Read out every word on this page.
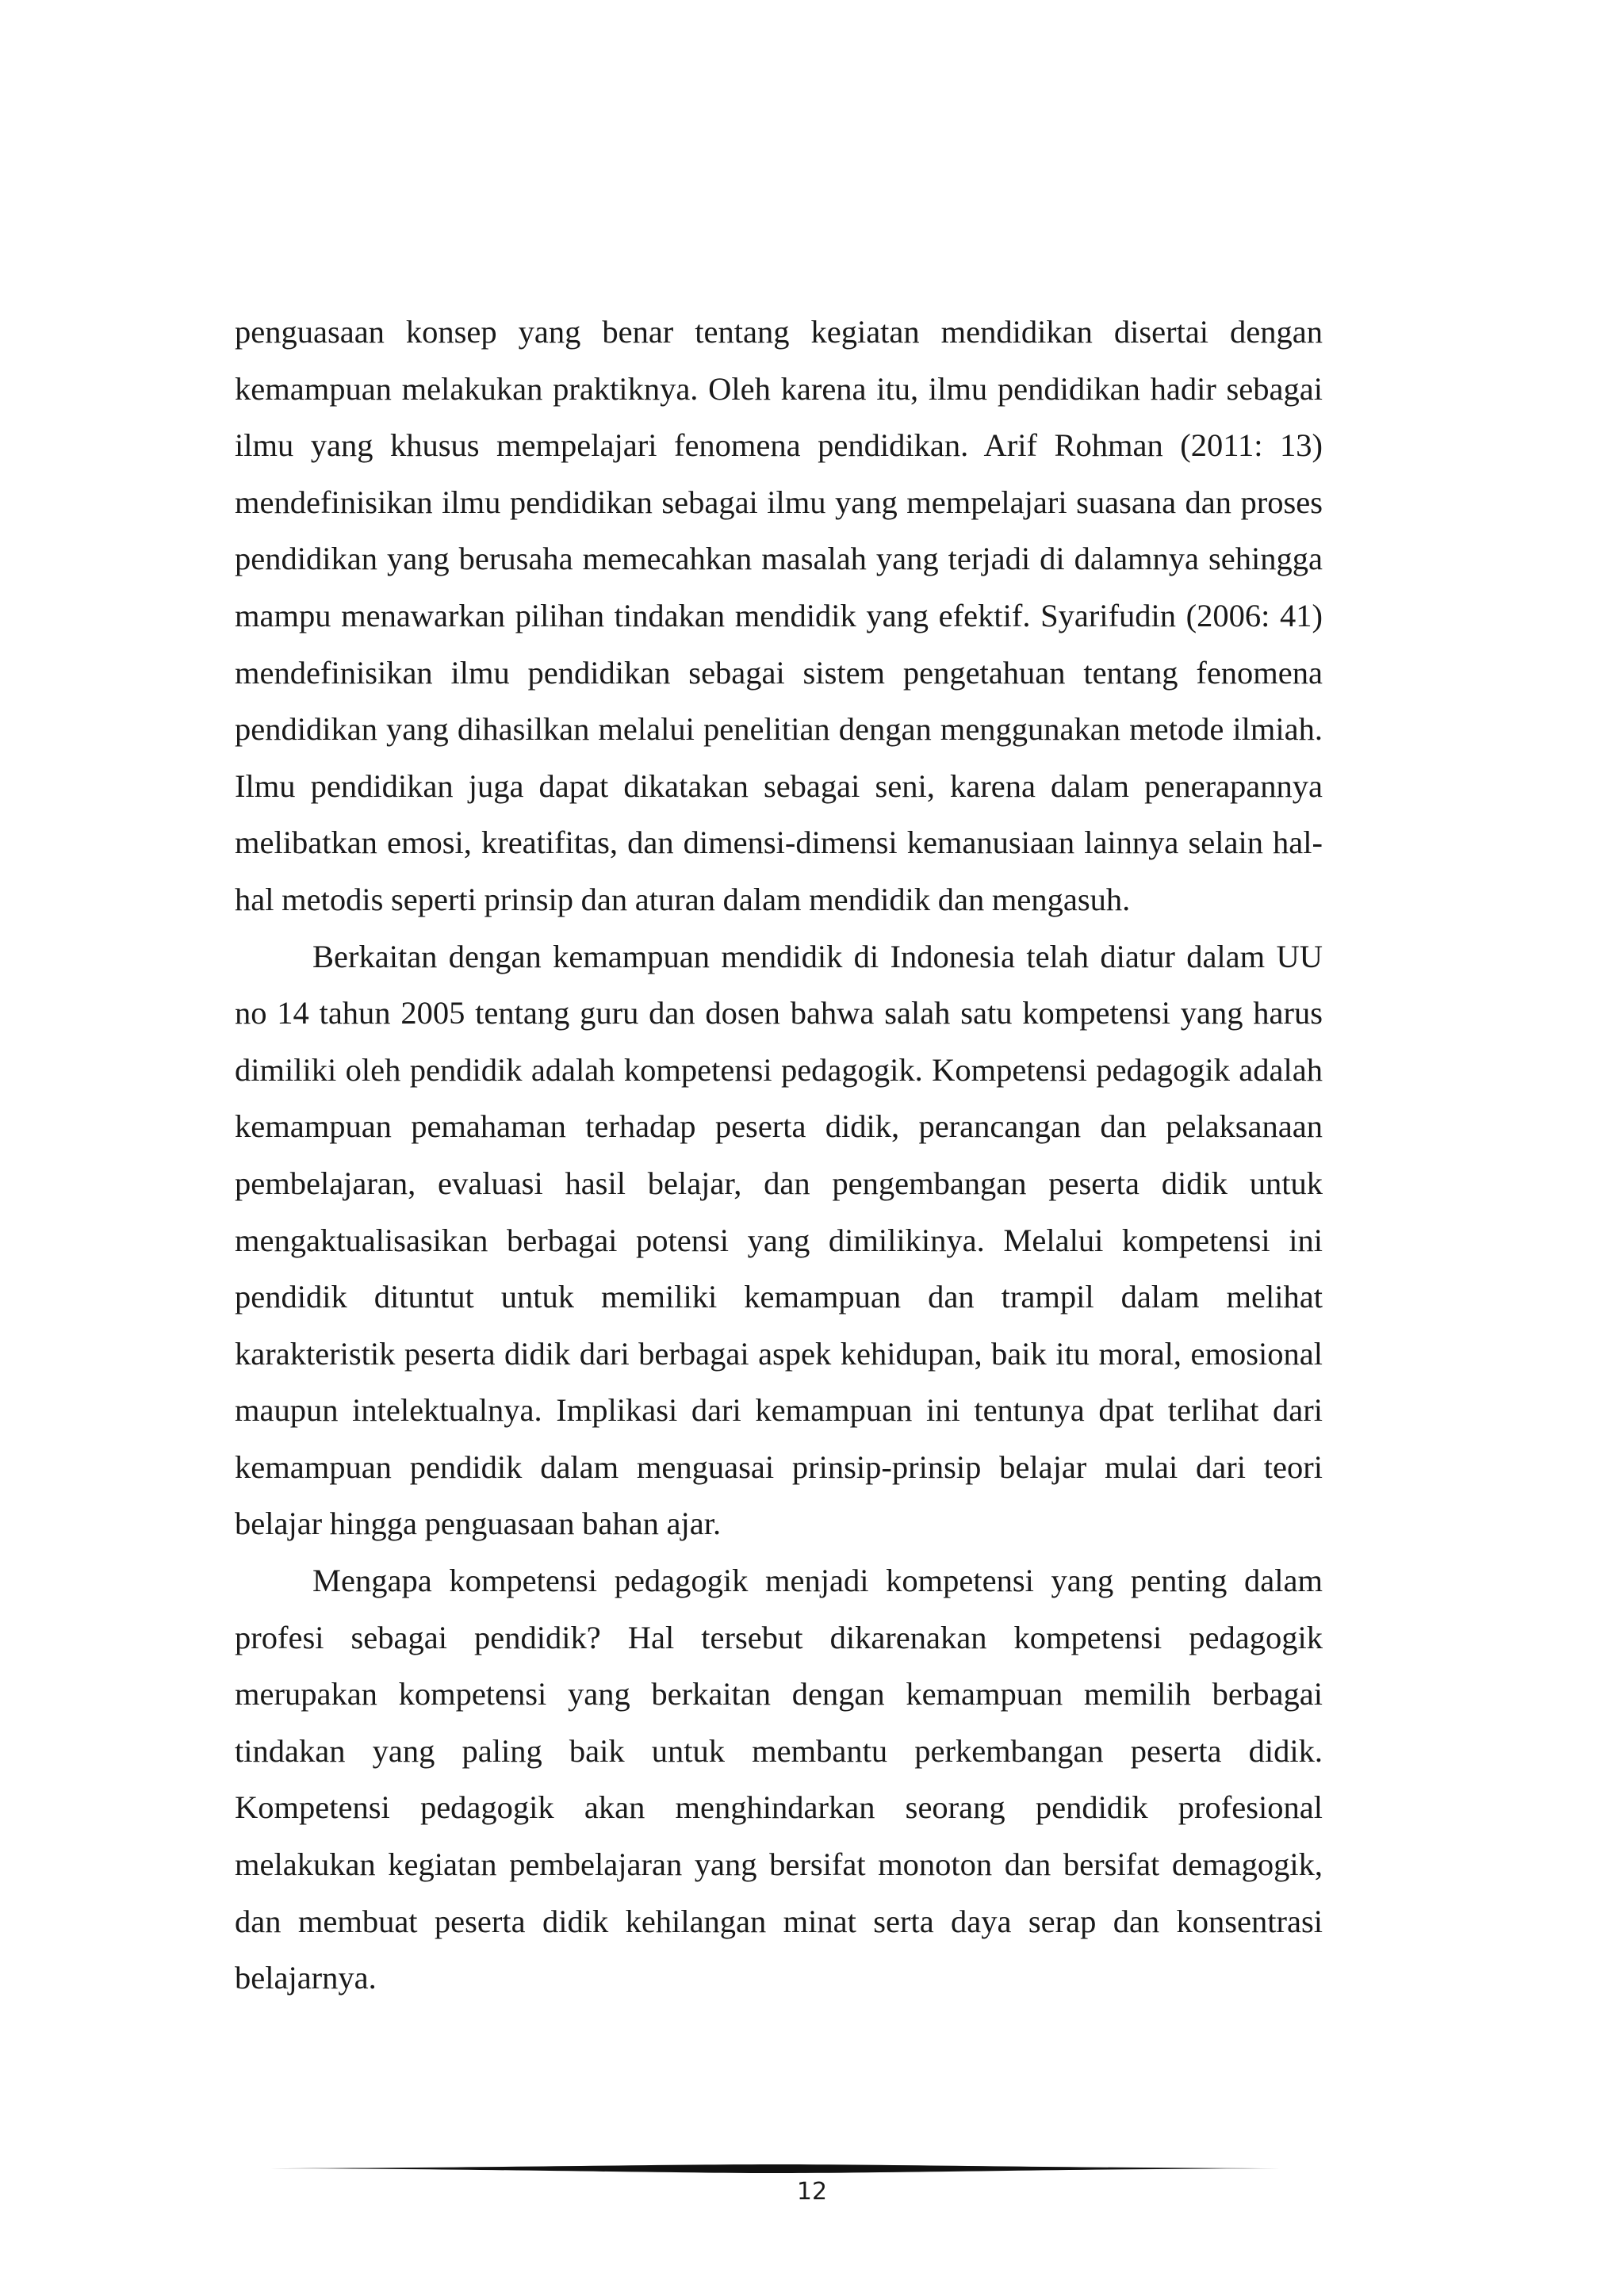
penguasaan konsep yang benar tentang kegiatan mendidikan disertai dengan kemampuan melakukan praktiknya. Oleh karena itu, ilmu pendidikan hadir sebagai ilmu yang khusus mempelajari fenomena pendidikan. Arif Rohman (2011: 13) mendefinisikan ilmu pendidikan sebagai ilmu yang mempelajari suasana dan proses pendidikan yang berusaha memecahkan masalah yang terjadi di dalamnya sehingga mampu menawarkan pilihan tindakan mendidik yang efektif. Syarifudin (2006: 41) mendefinisikan ilmu pendidikan sebagai sistem pengetahuan tentang fenomena pendidikan yang dihasilkan melalui penelitian dengan menggunakan metode ilmiah. Ilmu pendidikan juga dapat dikatakan sebagai seni, karena dalam penerapannya melibatkan emosi, kreatifitas, dan dimensi-dimensi kemanusiaan lainnya selain hal-hal metodis seperti prinsip dan aturan dalam mendidik dan mengasuh.

Berkaitan dengan kemampuan mendidik di Indonesia telah diatur dalam UU no 14 tahun 2005 tentang guru dan dosen bahwa salah satu kompetensi yang harus dimiliki oleh pendidik adalah kompetensi pedagogik. Kompetensi pedagogik adalah kemampuan pemahaman terhadap peserta didik, perancangan dan pelaksanaan pembelajaran, evaluasi hasil belajar, dan pengembangan peserta didik untuk mengaktualisasikan berbagai potensi yang dimilikinya. Melalui kompetensi ini pendidik dituntut untuk memiliki kemampuan dan trampil dalam melihat karakteristik peserta didik dari berbagai aspek kehidupan, baik itu moral, emosional maupun intelektualnya. Implikasi dari kemampuan ini tentunya dpat terlihat dari kemampuan pendidik dalam menguasai prinsip-prinsip belajar mulai dari teori belajar hingga penguasaan bahan ajar.

Mengapa kompetensi pedagogik menjadi kompetensi yang penting dalam profesi sebagai pendidik? Hal tersebut dikarenakan kompetensi pedagogik merupakan kompetensi yang berkaitan dengan kemampuan memilih berbagai tindakan yang paling baik untuk membantu perkembangan peserta didik. Kompetensi pedagogik akan menghindarkan seorang pendidik profesional melakukan kegiatan pembelajaran yang bersifat monoton dan bersifat demagogik, dan membuat peserta didik kehilangan minat serta daya serap dan konsentrasi belajarnya.

12
